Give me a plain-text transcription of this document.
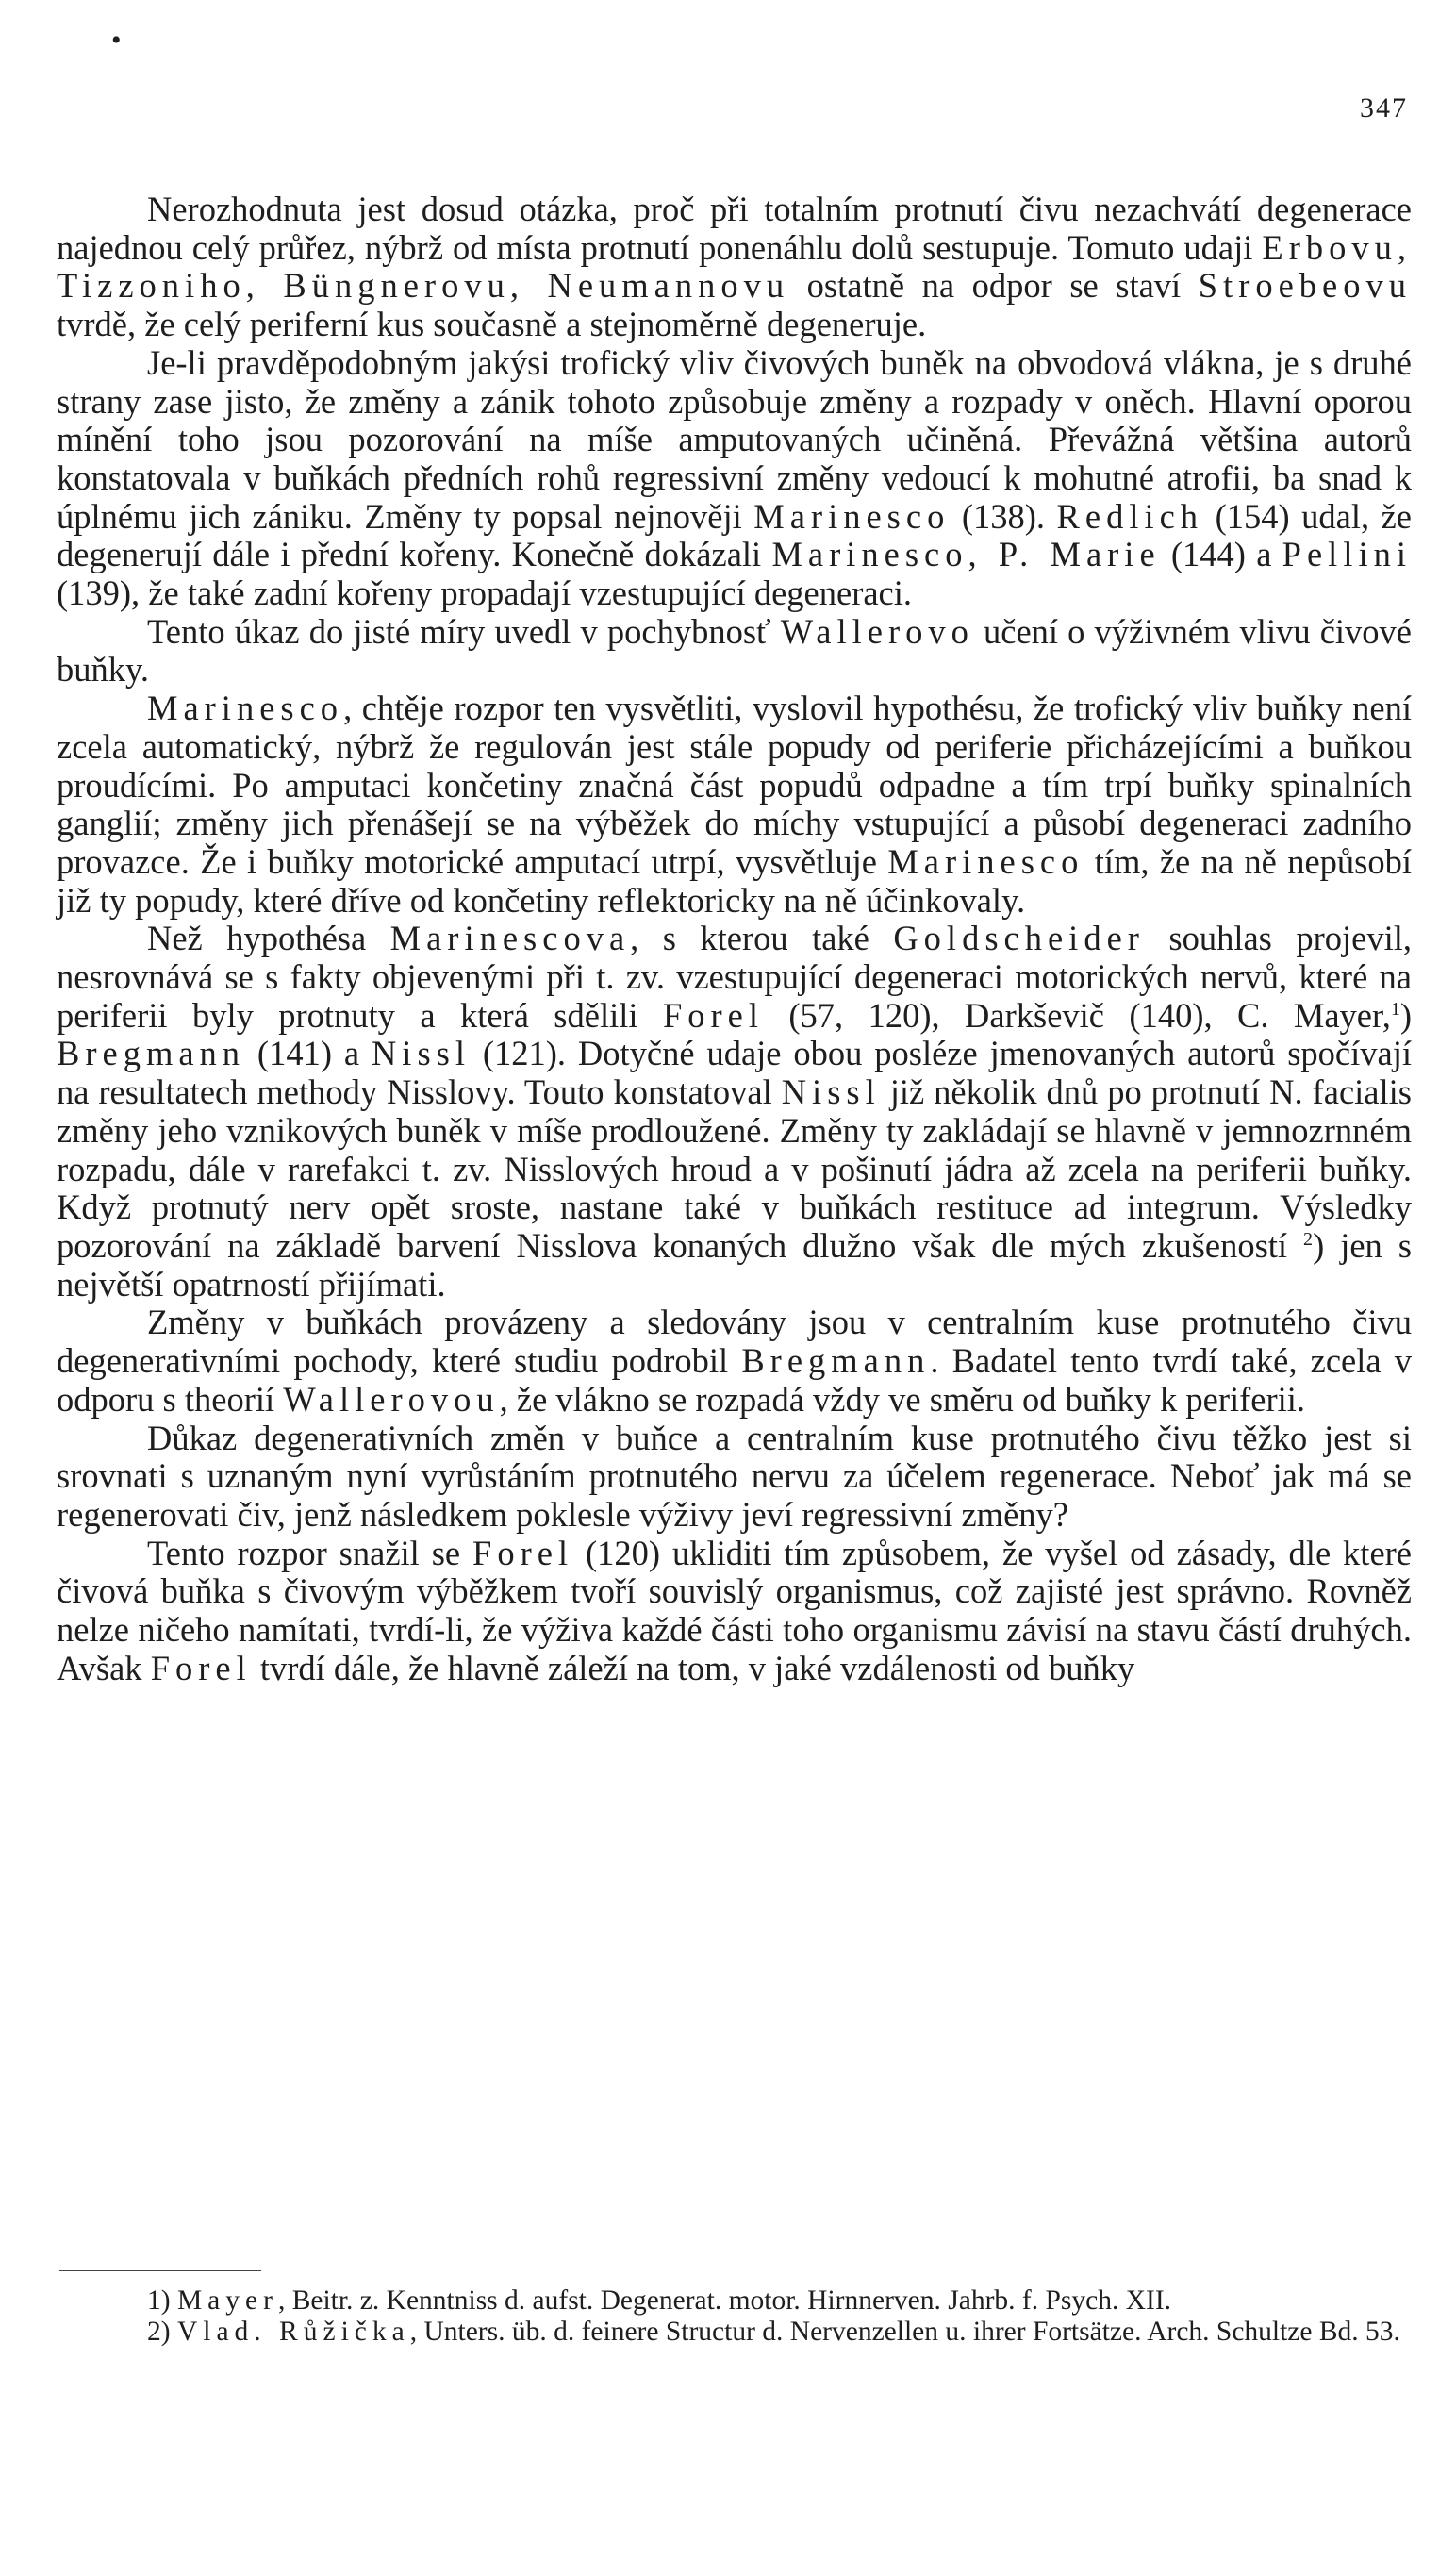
•
347

Nerozhodnuta jest dosud otázka, proč při totalním protnutí čivu nezachvátí degenerace najednou celý průřez, nýbrž od místa protnutí ponenáhlu dolů sestupuje. Tomuto udaji Erbovu, Tizzoniho, Büngnerovu, Neumannovu ostatně na odpor se staví Stroebeovu tvrdě, že celý periferní kus současně a stejnoměrně degeneruje.

Je-li pravděpodobným jakýsi trofický vliv čivových buněk na obvodová vlákna, je s druhé strany zase jisto, že změny a zánik tohoto způsobuje změny a rozpady v oněch. Hlavní oporou mínění toho jsou pozorování na míše amputovaných učiněná. Převážná většina autorů konstatovala v buňkách předních rohů regressivní změny vedoucí k mohutné atrofii, ba snad k úplnému jich zániku. Změny ty popsal nejnověji Marinesco (138). Redlich (154) udal, že degenerují dále i přední kořeny. Konečně dokázali Marinesco, P. Marie (144) a Pellini (139), že také zadní kořeny propadají vzestupující degeneraci.

Tento úkaz do jisté míry uvedl v pochybnosť Wallerovo učení o výživném vlivu čivové buňky.

Marinesco, chtěje rozpor ten vysvětliti, vyslovil hypothésu, že trofický vliv buňky není zcela automatický, nýbrž že regulován jest stále popudy od periferie přicházejícími a buňkou proudícími. Po amputaci končetiny značná část popudů odpadne a tím trpí buňky spinalních ganglií; změny jich přenášejí se na výběžek do míchy vstupující a působí degeneraci zadního provazce. Že i buňky motorické amputací utrpí, vysvětluje Marinesco tím, že na ně nepůsobí již ty popudy, které dříve od končetiny reflektoricky na ně účinkovaly.

Než hypothésa Marinescova, s kterou také Goldscheider souhlas projevil, nesrovnává se s fakty objevenými při t. zv. vzestupující degeneraci motorických nervů, které na periferii byly protnuty a která sdělili Forel (57, 120), Darkševič (140), C. Mayer,$^1$) Bregmann (141) a Nissl (121). Dotyčné udaje obou posléze jmenovaných autorů spočívají na resultatech methody Nisslovy. Touto konstatoval Nissl již několik dnů po protnutí N. facialis změny jeho vznikových buněk v míše prodloužené. Změny ty zakládají se hlavně v jemnozrnném rozpadu, dále v rarefakci t. zv. Nisslových hroud a v pošinutí jádra až zcela na periferii buňky. Když protnutý nerv opět sroste, nastane také v buňkách restituce ad integrum. Výsledky pozorování na základě barvení Nisslova konaných dlužno však dle mých zkušeností $^2$) jen s největší opatrností přijímati.

Změny v buňkách provázeny a sledovány jsou v centralním kuse protnutého čivu degenerativními pochody, které studiu podrobil Bregmann. Badatel tento tvrdí také, zcela v odporu s theorií Wallerovou, že vlákno se rozpadá vždy ve směru od buňky k periferii.

Důkaz degenerativních změn v buňce a centralním kuse protnutého čivu těžko jest si srovnati s uznaným nyní vyrůstáním protnutého nervu za účelem regenerace. Neboť jak má se regenerovati čiv, jenž následkem poklesle výživy jeví regressivní změny?

Tento rozpor snažil se Forel (120) ukliditi tím způsobem, že vyšel od zásady, dle které čivová buňka s čivovým výběžkem tvoří souvislý organismus, což zajisté jest správno. Rovněž nelze ničeho namítati, tvrdí-li, že výživa každé části toho organismu závisí na stavu částí druhých. Avšak Forel tvrdí dále, že hlavně záleží na tom, v jaké vzdálenosti od buňky

1) Mayer, Beitr. z. Kenntniss d. aufst. Degenerat. motor. Hirnnerven. Jahrb. f. Psych. XII.

2) Vlad. Růžička, Unters. üb. d. feinere Structur d. Nervenzellen u. ihrer Fortsätze. Arch. Schultze Bd. 53.
